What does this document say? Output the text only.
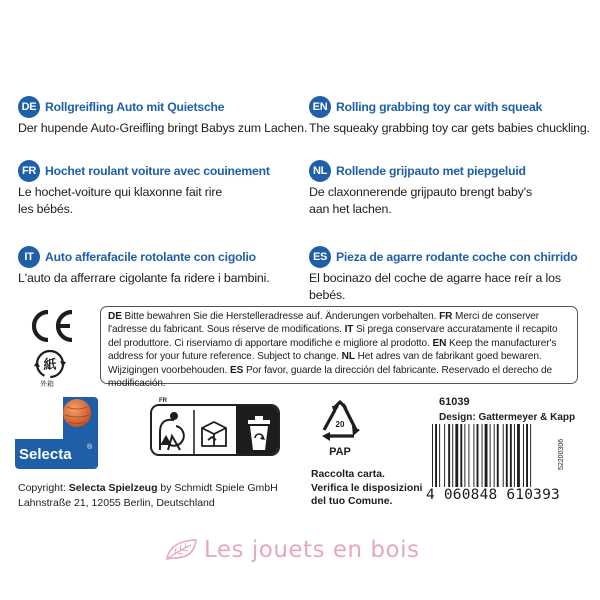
DE Rollgreifling Auto mit Quietsche
Der hupende Auto-Greifling bringt Babys zum Lachen.
EN Rolling grabbing toy car with squeak
The squeaky grabbing toy car gets babies chuckling.
FR Hochet roulant voiture avec couinement
Le hochet-voiture qui klaxonne fait rire
les bébés.
NL Rollende grijpauto met piepgeluid
De claxonnerende grijpauto brengt baby's
aan het lachen.
IT Auto afferafacile rotolante con cigolio
L'auto da afferrare cigolante fa ridere i bambini.
ES Pieza de agarre rodante coche con chirrido
El bocinazo del coche de agarre hace reír a los bebés.
紙
外箱
DE Bitte bewahren Sie die Herstelleradresse auf. Änderungen vorbehalten. FR Merci de conserver l'adresse du fabricant. Sous réserve de modifications. IT Si prega conservare accuratamente il recapito del produttore. Ci riserviamo di apportare modifiche e migliore al prodotto. EN Keep the manufacturer's address for your future reference. Subject to change. NL Het adres van de fabrikant goed bewaren. Wijzigingen voorbehouden. ES Por favor, guarde la dirección del fabricante. Reservado el derecho de modificación.
Selecta ®
FR
20
PAP
Raccolta carta.
Verifica le disposizioni
del tuo Comune.
61039
Design: Gattermeyer & Kapp
4 060848 610393
52200306
Copyright: Selecta Spielzeug by Schmidt Spiele GmbH
Lahnstraße 21, 12055 Berlin, Deutschland
Les jouets en bois
